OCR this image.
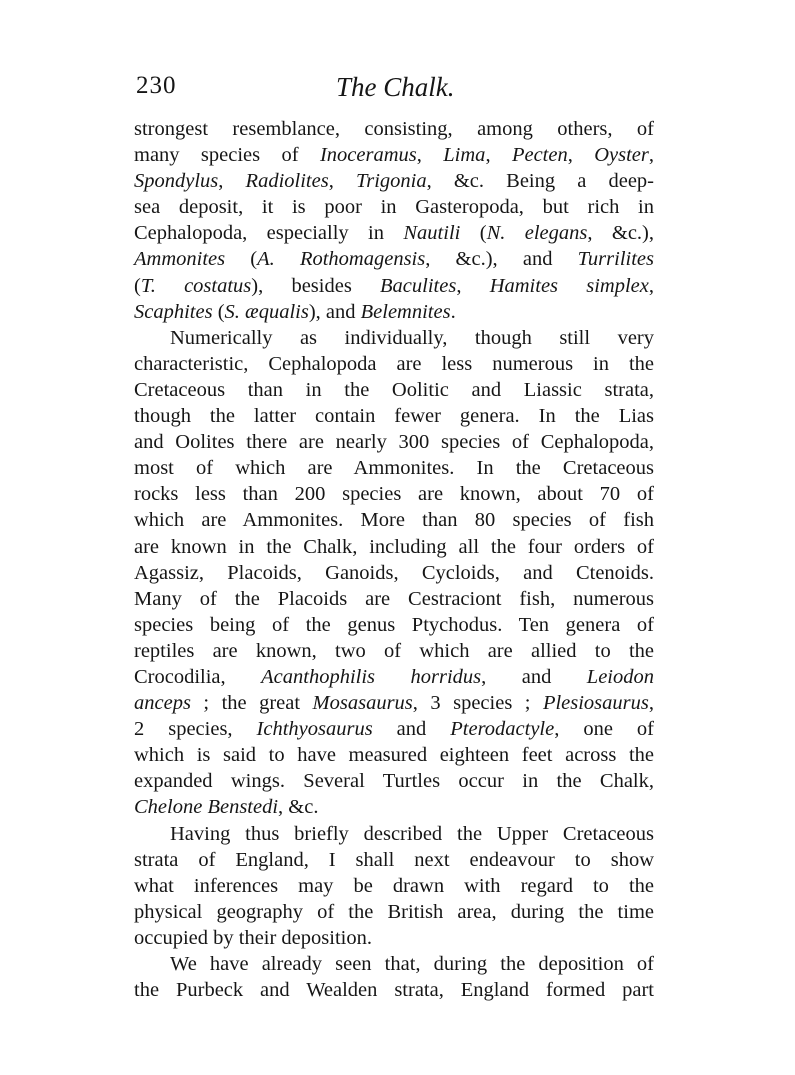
230	The Chalk.
strongest resemblance, consisting, among others, of
many species of Inoceramus, Lima, Pecten, Oyster,
Spondylus, Radiolites, Trigonia, &c. Being a deep-
sea deposit, it is poor in Gasteropoda, but rich in
Cephalopoda, especially in Nautili (N. elegans, &c.),
Ammonites (A. Rothomagensis, &c.), and Turrilites
(T. costatus), besides Baculites, Hamites simplex,
Scaphites (S. æqualis), and Belemnites.
Numerically as individually, though still very
characteristic, Cephalopoda are less numerous in the
Cretaceous than in the Oolitic and Liassic strata,
though the latter contain fewer genera. In the Lias
and Oolites there are nearly 300 species of Cephalopoda,
most of which are Ammonites. In the Cretaceous
rocks less than 200 species are known, about 70 of
which are Ammonites. More than 80 species of fish
are known in the Chalk, including all the four orders of
Agassiz, Placoids, Ganoids, Cycloids, and Ctenoids.
Many of the Placoids are Cestraciont fish, numerous
species being of the genus Ptychodus. Ten genera of
reptiles are known, two of which are allied to the
Crocodilia, Acanthophilis horridus, and Leiodon
anceps ; the great Mosasaurus, 3 species ; Plesiosaurus,
2 species, Ichthyosaurus and Pterodactyle, one of
which is said to have measured eighteen feet across the
expanded wings. Several Turtles occur in the Chalk,
Chelone Benstedi, &c.
Having thus briefly described the Upper Cretaceous
strata of England, I shall next endeavour to show
what inferences may be drawn with regard to the
physical geography of the British area, during the time
occupied by their deposition.
We have already seen that, during the deposition of
the Purbeck and Wealden strata, England formed part
